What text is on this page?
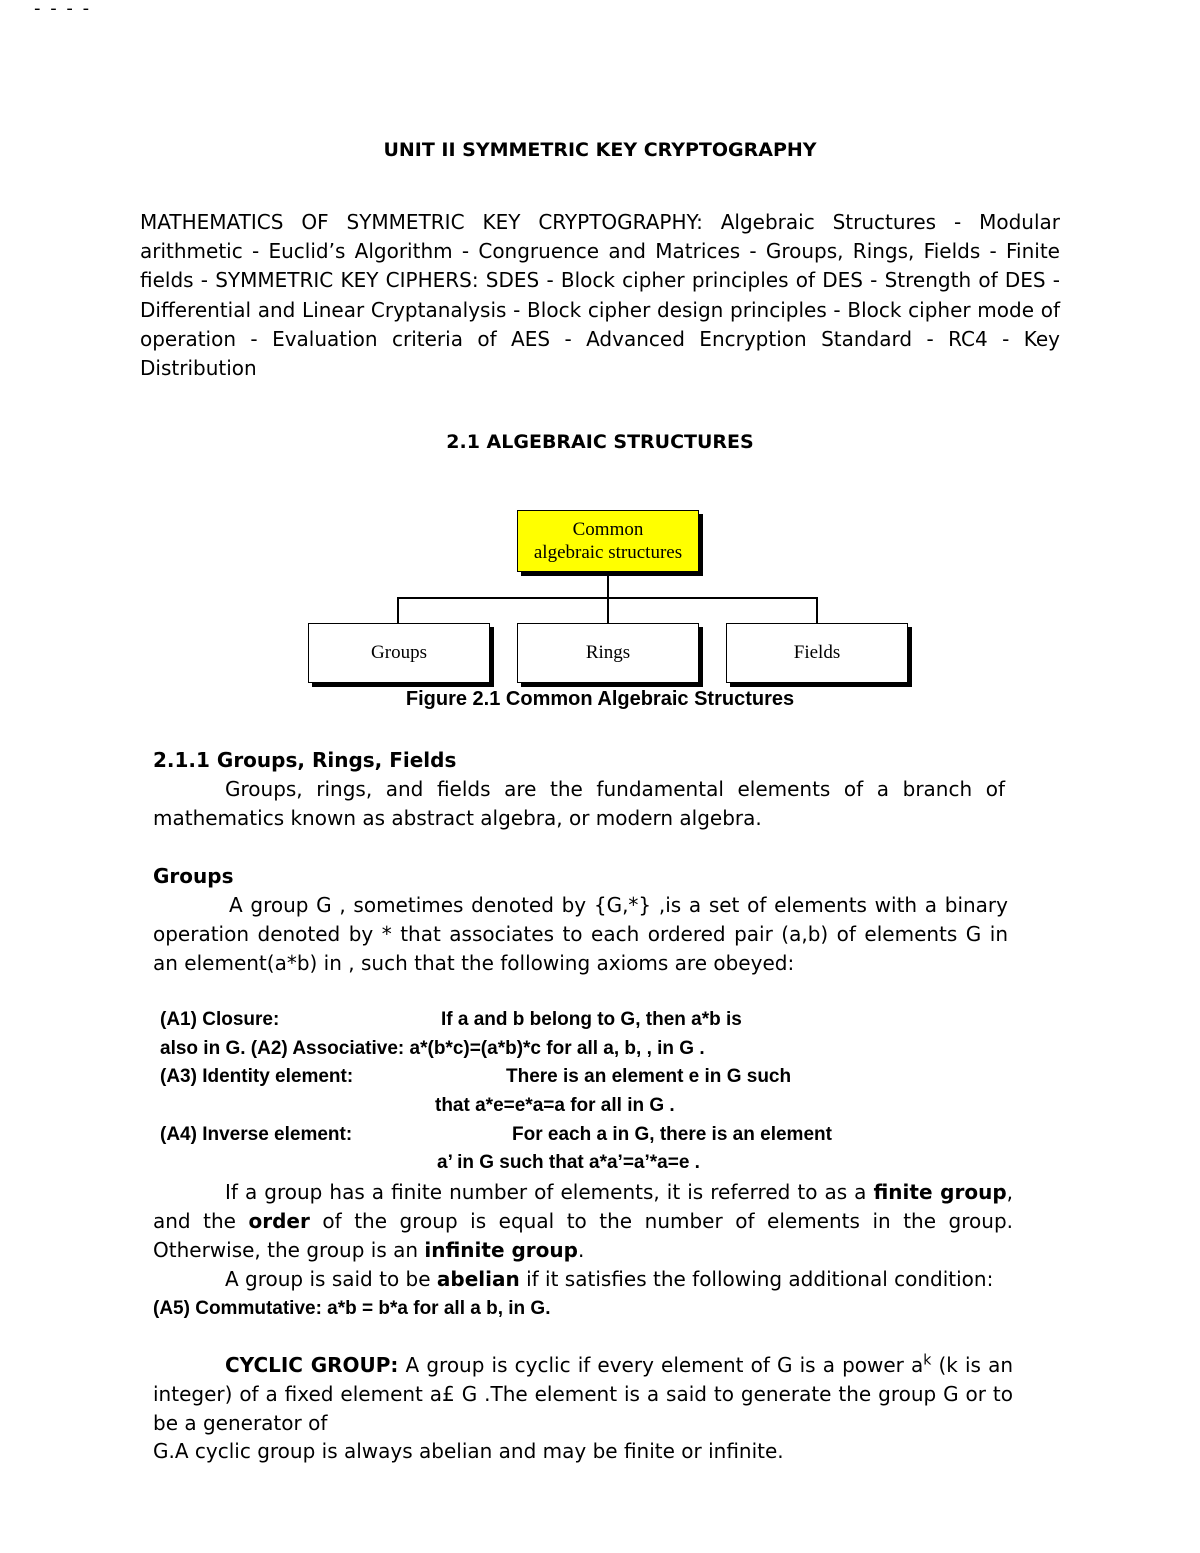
- - - -
UNIT II SYMMETRIC KEY CRYPTOGRAPHY

MATHEMATICS OF SYMMETRIC KEY CRYPTOGRAPHY: Algebraic Structures - Modular arithmetic - Euclid’s Algorithm - Congruence and Matrices - Groups, Rings, Fields - Finite fields - SYMMETRIC KEY CIPHERS: SDES - Block cipher principles of DES - Strength of DES - Differential and Linear Cryptanalysis - Block cipher design principles - Block cipher mode of operation - Evaluation criteria of AES - Advanced Encryption Standard - RC4 - Key Distribution

2.1 ALGEBRAIC STRUCTURES
Common
algebraic structures
Groups	Rings	Fields
Figure 2.1 Common Algebraic Structures
2.1.1 Groups, Rings, Fields

Groups, rings, and fields are the fundamental elements of a branch of mathematics known as abstract algebra, or modern algebra.

Groups

A group G , sometimes denoted by {G,*} ,is a set of elements with a binary operation denoted by * that associates to each ordered pair (a,b) of elements G in an element(a*b) in , such that the following axioms are obeyed:

(A1) Closure:	If a and b belong to G, then a*b is
also in G. (A2) Associative: a*(b*c)=(a*b)*c for all a, b, , in G .
(A3) Identity element:	There is an element e in G such
that a*e=e*a=a for all in G .
(A4) Inverse element:	For each a in G, there is an element
a’ in G such that a*a’=a’*a=e .

If a group has a finite number of elements, it is referred to as a finite group, and the order of the group is equal to the number of elements in the group. Otherwise, the group is an infinite group.

A group is said to be abelian if it satisfies the following additional condition:

(A5) Commutative: a*b = b*a for all a b, in G.

CYCLIC GROUP: A group is cyclic if every element of G is a power $a^k$ (k is an integer) of a fixed element a£ G .The element is a said to generate the group G or to be a generator of

G.A cyclic group is always abelian and may be finite or infinite.
